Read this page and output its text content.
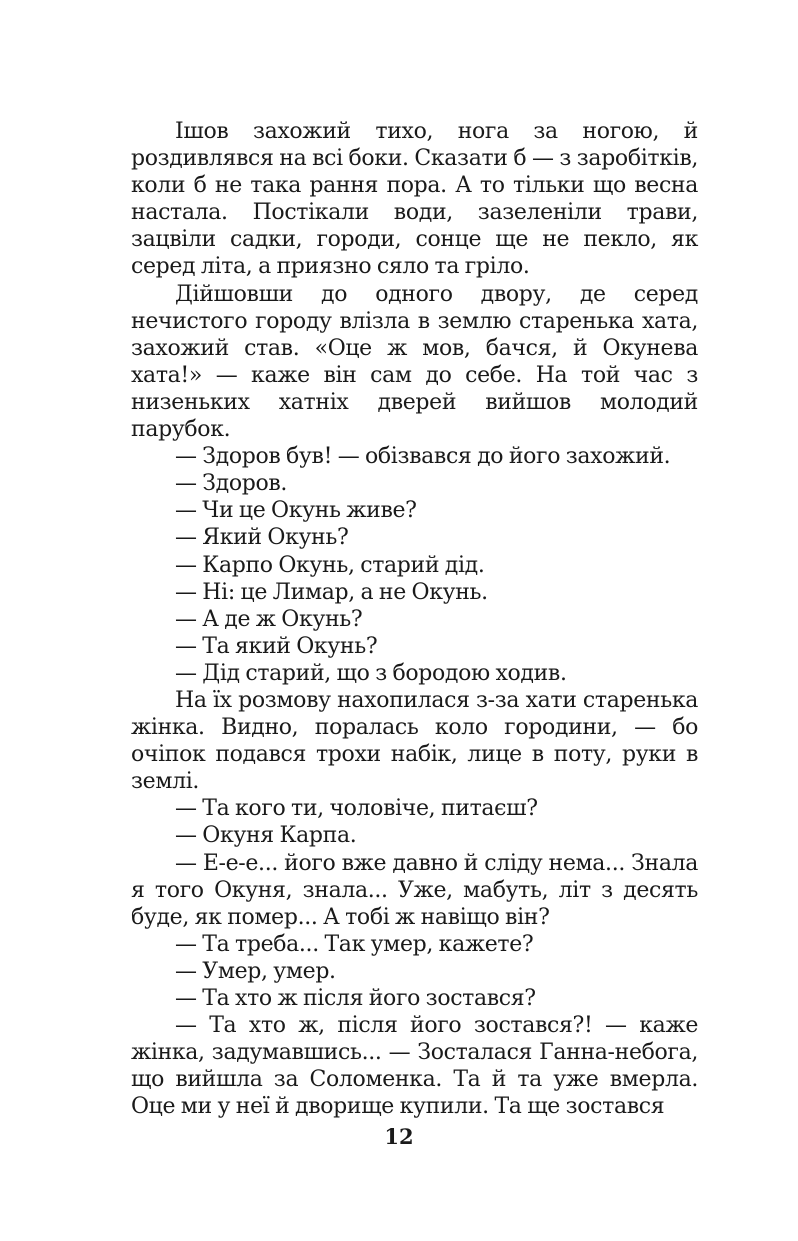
Ішов захожий тихо, нога за ногою, й роздивлявся на всі боки. Сказати б — з заробітків, коли б не така рання пора. А то тільки що весна настала. Постікали води, зазеленіли трави, зацвіли садки, городи, сонце ще не пекло, як серед літа, а приязно сяло та гріло.

Дійшовши до одного двору, де серед нечистого городу влізла в землю старенька хата, захожий став. «Оце ж мов, бачся, й Окунева хата!» — каже він сам до себе. На той час з низеньких хатніх дверей вийшов молодий парубок.

— Здоров був! — обізвався до його захожий.

— Здоров.

— Чи це Окунь живе?

— Який Окунь?

— Карпо Окунь, старий дід.

— Ні: це Лимар, а не Окунь.

— А де ж Окунь?

— Та який Окунь?

— Дід старий, що з бородою ходив.

На їх розмову нахопилася з-за хати старенька жінка. Видно, поралась коло городини, — бо очіпок подався трохи набік, лице в поту, руки в землі.

— Та кого ти, чоловіче, питаєш?

— Окуня Карпа.

— Е-е-е... його вже давно й сліду нема... Знала я того Окуня, знала... Уже, мабуть, літ з десять буде, як помер... А тобі ж навіщо він?

— Та треба... Так умер, кажете?

— Умер, умер.

— Та хто ж після його зостався?

— Та хто ж, після його зостався?! — каже жінка, задумавшись... — Зосталася Ганна-небога, що вийшла за Соломенка. Та й та уже вмерла. Оце ми у неї й дворище купили. Та ще зостався

12
